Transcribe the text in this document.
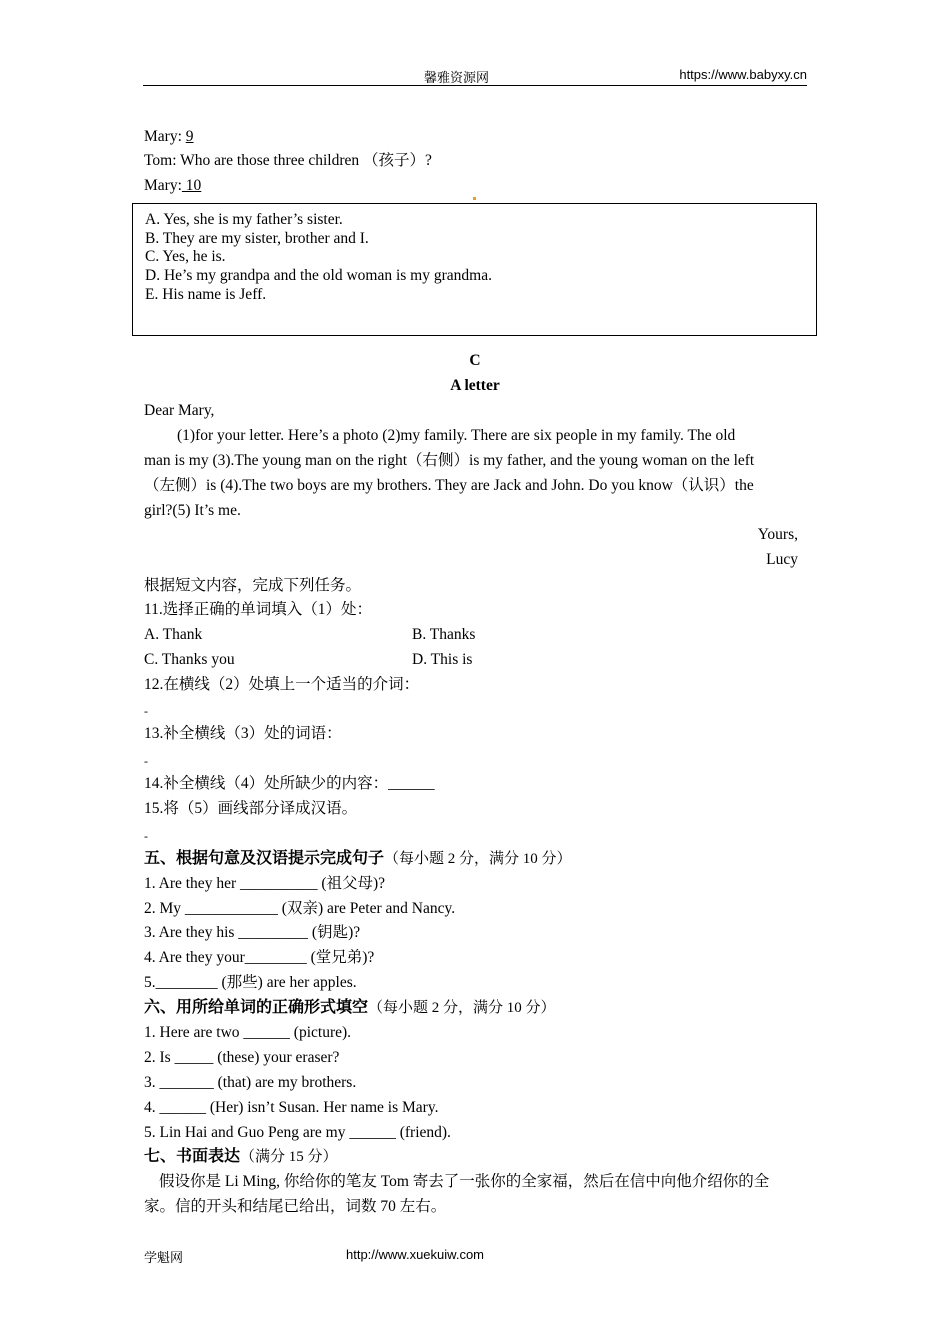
馨雅资源网	https://www.babyxy.cn
Mary: 9
Tom: Who are those three children （孩子）?
Mary: 10
A. Yes, she is my father’s sister.
B. They are my sister, brother and I.
C. Yes, he is.
D. He’s my grandpa and the old woman is my grandma.
E. His name is Jeff.
C
A letter
Dear Mary,
(1)for your letter. Here’s a photo (2)my family. There are six people in my family. The old
man is my (3).The young man on the right（右侧）is my father, and the young woman on the left
（左侧）is (4).The two boys are my brothers. They are Jack and John. Do you know（认识）the
girl?(5) It’s me.
Yours,
Lucy
根据短文内容，完成下列任务。
11.选择正确的单词填入（1）处：
A. Thank	B. Thanks
C. Thanks you	D. This is
12.在横线（2）处填上一个适当的介词：
-
13.补全横线（3）处的词语：
-
14.补全横线（4）处所缺少的内容：______
15.将（5）画线部分译成汉语。
-
五、根据句意及汉语提示完成句子（每小题 2 分，满分 10 分）
1. Are they her __________ (祖父母)?
2. My ____________ (双亲) are Peter and Nancy.
3. Are they his _________ (钥匙)?
4. Are they your________ (堂兄弟)?
5.________ (那些) are her apples.
六、用所给单词的正确形式填空（每小题 2 分，满分 10 分）
1. Here are two ______ (picture).
2. Is _____ (these) your eraser?
3. _______ (that) are my brothers.
4. ______ (Her) isn’t Susan. Her name is Mary.
5. Lin Hai and Guo Peng are my ______ (friend).
七、书面表达（满分 15 分）
假设你是 Li Ming, 你给你的笔友 Tom 寄去了一张你的全家福，然后在信中向他介绍你的全
家。信的开头和结尾已给出，词数 70 左右。
学魁网	http://www.xuekuiw.com
